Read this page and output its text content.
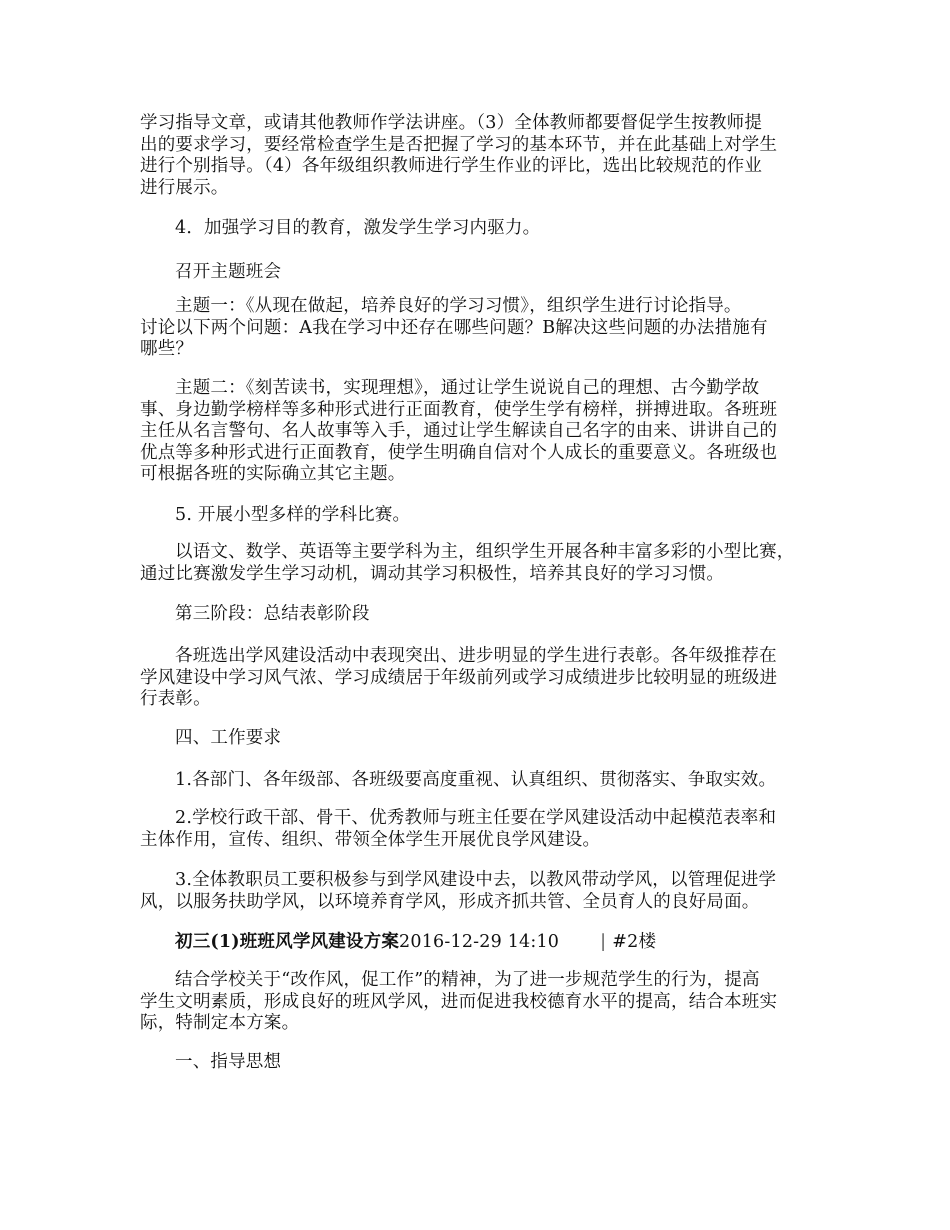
学习指导文章，或请其他教师作学法讲座。（3）全体教师都要督促学生按教师提
出的要求学习，要经常检查学生是否把握了学习的基本环节，并在此基础上对学生
进行个别指导。（4）各年级组织教师进行学生作业的评比，选出比较规范的作业
进行展示。
4．加强学习目的教育，激发学生学习内驱力。
召开主题班会
主题一：《从现在做起，培养良好的学习习惯》，组织学生进行讨论指导。
讨论以下两个问题：A我在学习中还存在哪些问题？B解决这些问题的办法措施有
哪些？
主题二：《刻苦读书，实现理想》，通过让学生说说自己的理想、古今勤学故
事、身边勤学榜样等多种形式进行正面教育，使学生学有榜样，拼搏进取。各班班
主任从名言警句、名人故事等入手，通过让学生解读自己名字的由来、讲讲自己的
优点等多种形式进行正面教育，使学生明确自信对个人成长的重要意义。各班级也
可根据各班的实际确立其它主题。
5. 开展小型多样的学科比赛。
以语文、数学、英语等主要学科为主，组织学生开展各种丰富多彩的小型比赛，
通过比赛激发学生学习动机，调动其学习积极性，培养其良好的学习习惯。
第三阶段：总结表彰阶段
各班选出学风建设活动中表现突出、进步明显的学生进行表彰。各年级推荐在
学风建设中学习风气浓、学习成绩居于年级前列或学习成绩进步比较明显的班级进
行表彰。
四、工作要求
1.各部门、各年级部、各班级要高度重视、认真组织、贯彻落实、争取实效。
2.学校行政干部、骨干、优秀教师与班主任要在学风建设活动中起模范表率和
主体作用，宣传、组织、带领全体学生开展优良学风建设。
3.全体教职员工要积极参与到学风建设中去，以教风带动学风，以管理促进学
风，以服务扶助学风，以环境养育学风，形成齐抓共管、全员育人的良好局面。
初三(1)班班风学风建设方案2016-12-29 14:10 | #2楼
结合学校关于“改作风，促工作”的精神，为了进一步规范学生的行为，提高
学生文明素质，形成良好的班风学风，进而促进我校德育水平的提高，结合本班实
际，特制定本方案。
一、指导思想
